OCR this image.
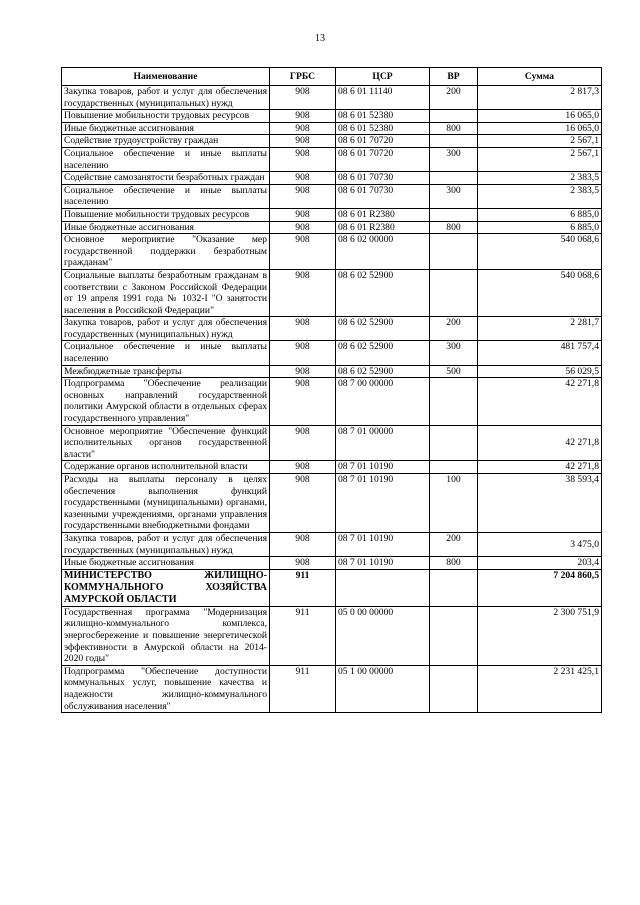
13
Наименование	ГРБС	ЦСР	ВР	Сумма
Закупка товаров, работ и услуг для обеспечения государственных (муниципальных) нужд	908	08 6 01 11140	200	2 817,3
Повышение мобильности трудовых ресурсов	908	08 6 01 52380		16 065,0
Иные бюджетные ассигнования	908	08 6 01 52380	800	16 065,0
Содействие трудоустройству граждан	908	08 6 01 70720		2 567,1
Социальное обеспечение и иные выплаты населению	908	08 6 01 70720	300	2 567,1
Содействие самозанятости безработных граждан	908	08 6 01 70730		2 383,5
Социальное обеспечение и иные выплаты населению	908	08 6 01 70730	300	2 383,5
Повышение мобильности трудовых ресурсов	908	08 6 01 R2380		6 885,0
Иные бюджетные ассигнования	908	08 6 01 R2380	800	6 885,0
Основное мероприятие "Оказание мер государственной поддержки безработным гражданам"	908	08 6 02 00000		540 068,6
Социальные выплаты безработным гражданам в соответствии с Законом Российской Федерации от 19 апреля 1991 года № 1032-I "О занятости населения в Российской Федерации"	908	08 6 02 52900		540 068,6
Закупка товаров, работ и услуг для обеспечения государственных (муниципальных) нужд	908	08 6 02 52900	200	2 281,7
Социальное обеспечение и иные выплаты населению	908	08 6 02 52900	300	481 757,4
Межбюджетные трансферты	908	08 6 02 52900	500	56 029,5
Подпрограмма "Обеспечение реализации основных направлений государственной политики Амурской области в отдельных сферах государственного управления"	908	08 7 00 00000		42 271,8
Основное мероприятие "Обеспечение функций исполнительных органов государственной власти"	908	08 7 01 00000		42 271,8
Содержание органов исполнительной власти	908	08 7 01 10190		42 271,8
Расходы на выплаты персоналу в целях обеспечения выполнения функций государственными (муниципальными) органами, казенными учреждениями, органами управления государственными внебюджетными фондами	908	08 7 01 10190	100	38 593,4
Закупка товаров, работ и услуг для обеспечения государственных (муниципальных) нужд	908	08 7 01 10190	200	3 475,0
Иные бюджетные ассигнования	908	08 7 01 10190	800	203,4
МИНИСТЕРСТВО ЖИЛИЩНО-КОММУНАЛЬНОГО ХОЗЯЙСТВА АМУРСКОЙ ОБЛАСТИ	911			7 204 860,5
Государственная программа "Модернизация жилищно-коммунального комплекса, энергосбережение и повышение энергетической эффективности в Амурской области на 2014-2020 годы"	911	05 0 00 00000		2 300 751,9
Подпрограмма "Обеспечение доступности коммунальных услуг, повышение качества и надежности жилищно-коммунального обслуживания населения"	911	05 1 00 00000		2 231 425,1
